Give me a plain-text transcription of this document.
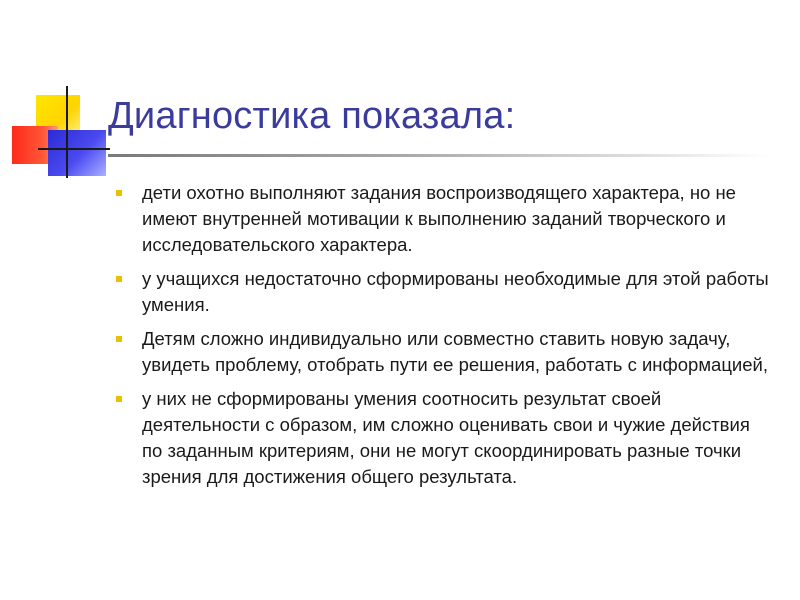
Диагностика показала:
дети охотно выполняют задания воспроизводящего характера, но не имеют внутренней мотивации к выполнению заданий творческого и исследовательского характера.
у учащихся недостаточно сформированы необходимые для этой работы умения.
Детям сложно индивидуально или совместно ставить новую задачу, увидеть проблему, отобрать пути ее решения, работать с информацией,
у них не сформированы умения соотносить результат своей деятельности с образом, им сложно оценивать свои и чужие действия по заданным критериям, они не могут скоординировать разные точки зрения для достижения общего результата.
